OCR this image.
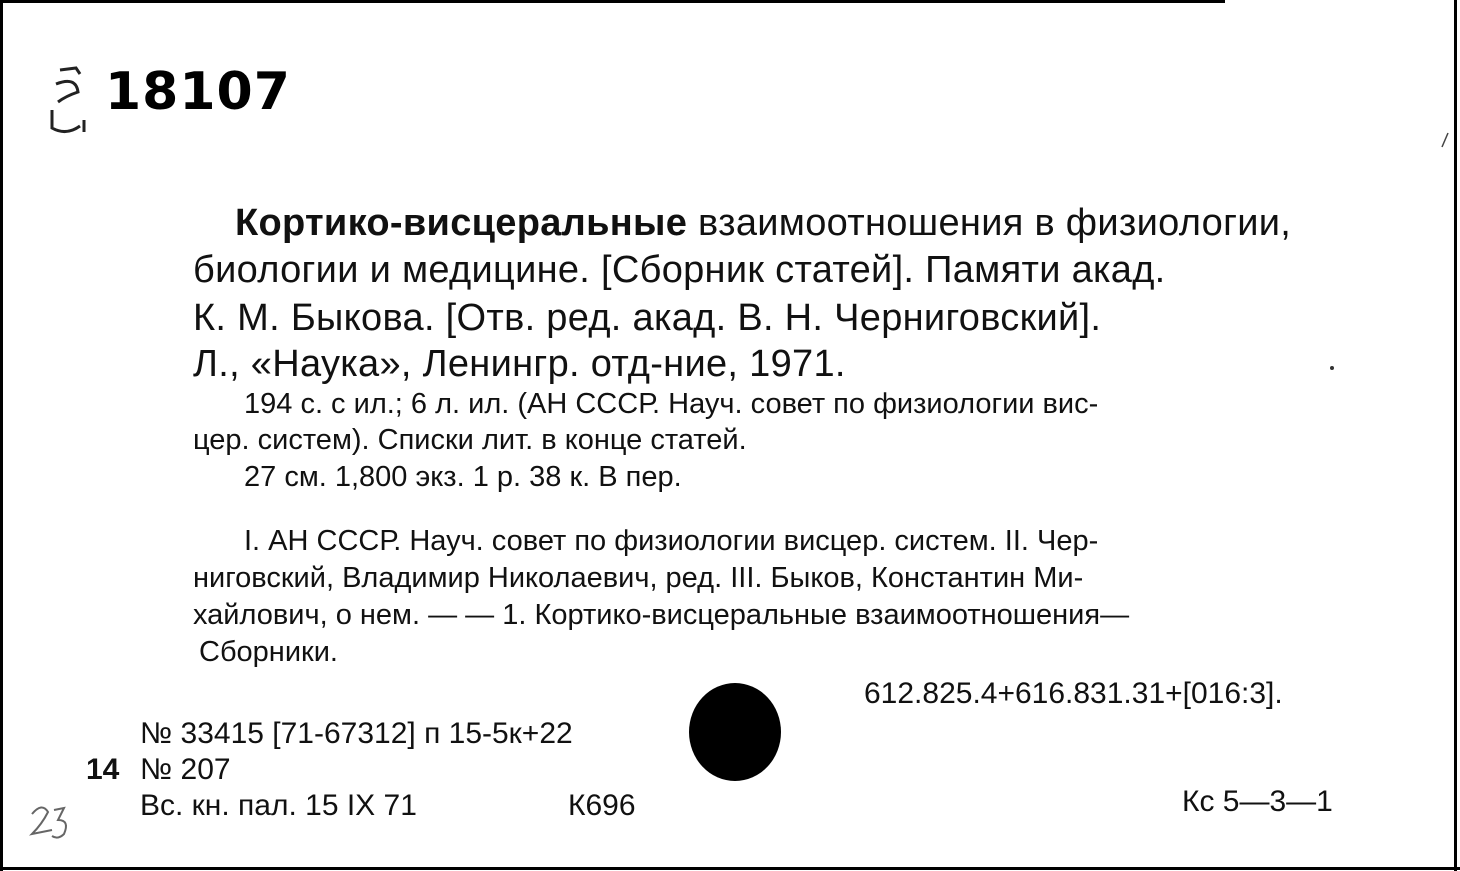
18107
Кортико-висцеральные взаимоотношения в физиологии,
биологии и медицине. [Сборник статей]. Памяти акад.
К. М. Быкова. [Отв. ред. акад. В. Н. Черниговский].
Л., «Наука», Ленингр. отд-ние, 1971.
194 с. с ил.; 6 л. ил. (АН СССР. Науч. совет по физиологии вис-
цер. систем). Списки лит. в конце статей.
27 см. 1,800 экз. 1 р. 38 к. В пер.
I. АН СССР. Науч. совет по физиологии висцер. систем. II. Чер-
ниговский, Владимир Николаевич, ред. III. Быков, Константин Ми-
хайлович, о нем. — — 1. Кортико-висцеральные взаимоотношения—
Сборники.
612.825.4+616.831.31+[016:3].
№ 33415 [71-67312] п 15-5к+22
14 № 207
Вс. кн. пал. 15 IX 71	К696	Кс 5—3—1
